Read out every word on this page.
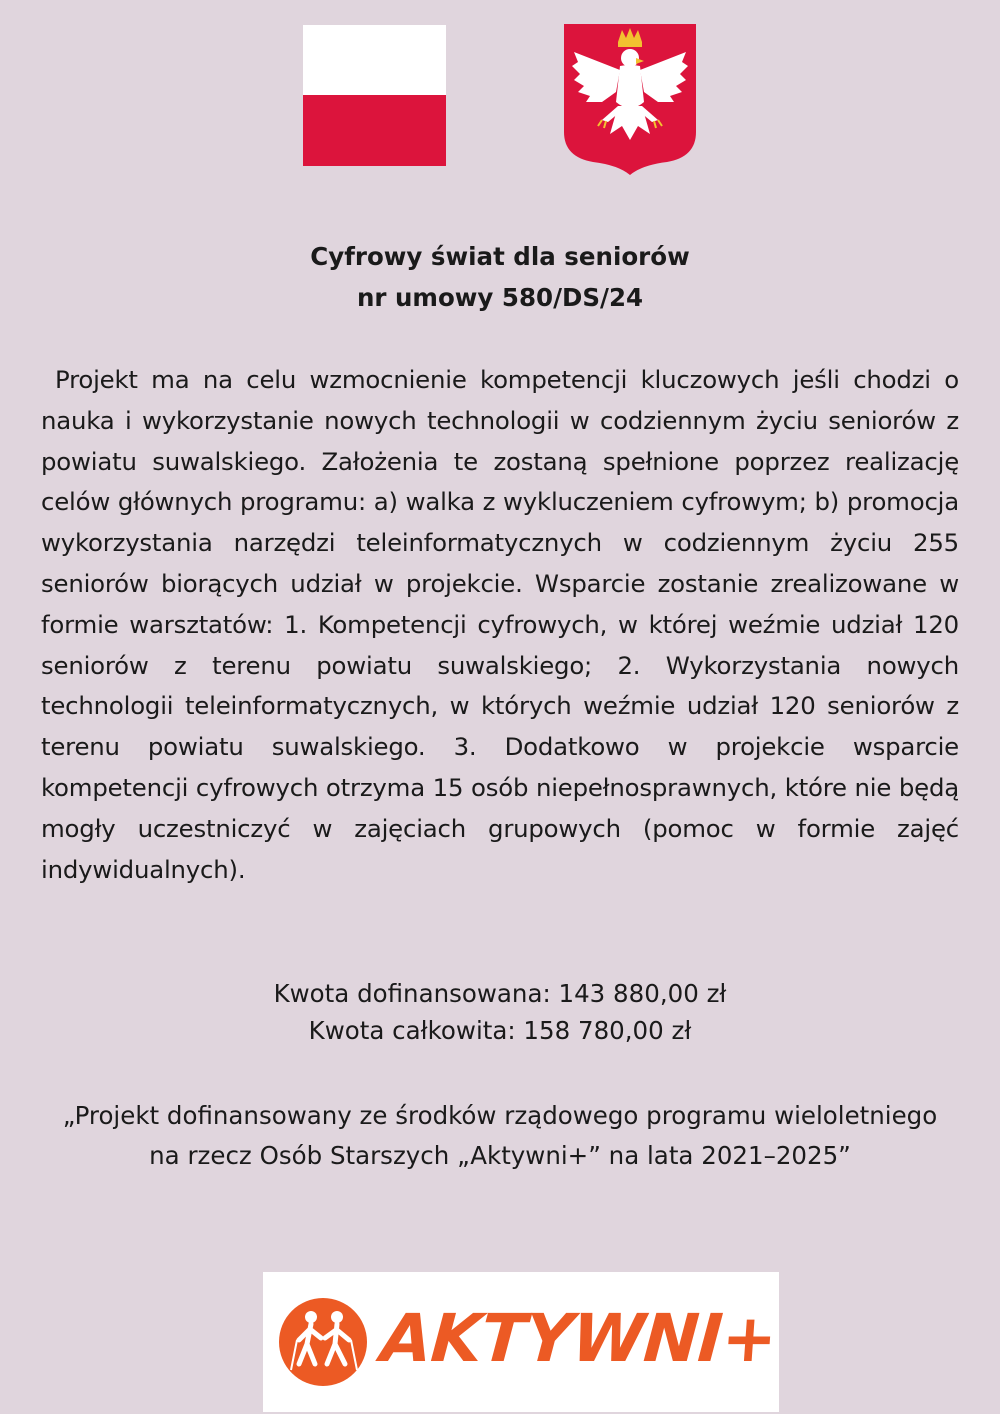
Cyfrowy świat dla seniorów
nr umowy 580/DS/24

Projekt ma na celu wzmocnienie kompetencji kluczowych jeśli chodzi o nauka i wykorzystanie nowych technologii w codziennym życiu seniorów z powiatu suwalskiego. Założenia te zostaną spełnione poprzez realizację celów głównych programu: a) walka z wykluczeniem cyfrowym; b) promocja wykorzystania narzędzi teleinformatycznych w codziennym życiu 255 seniorów biorących udział w projekcie. Wsparcie zostanie zrealizowane w formie warsztatów: 1. Kompetencji cyfrowych, w której weźmie udział 120 seniorów z terenu powiatu suwalskiego; 2. Wykorzystania nowych technologii teleinformatycznych, w których weźmie udział 120 seniorów z terenu powiatu suwalskiego. 3. Dodatkowo w projekcie wsparcie kompetencji cyfrowych otrzyma 15 osób niepełnosprawnych, które nie będą mogły uczestniczyć w zajęciach grupowych (pomoc w formie zajęć indywidualnych).

Kwota dofinansowana: 143 880,00 zł
Kwota całkowita: 158 780,00 zł

„Projekt dofinansowany ze środków rządowego programu wieloletniego na rzecz Osób Starszych „Aktywni+” na lata 2021–2025”

AKTYWNI+
